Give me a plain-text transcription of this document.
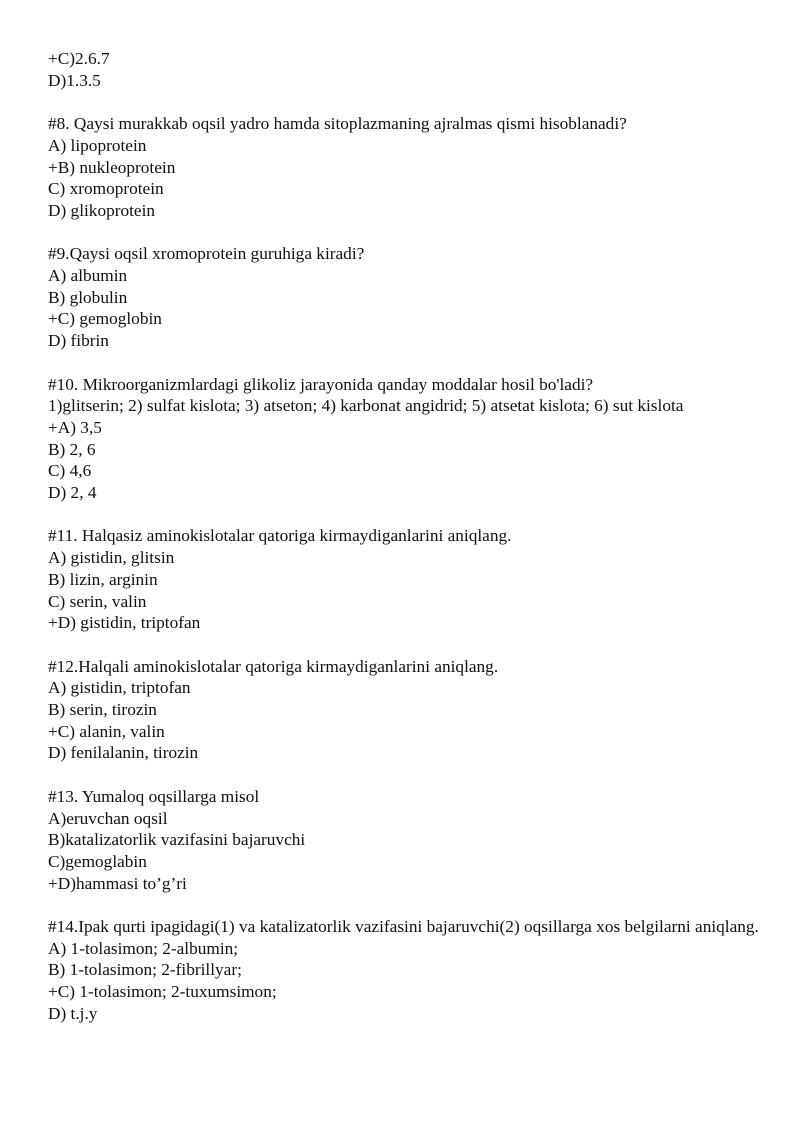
+C)2.6.7
D)1.3.5
#8. Qaysi murakkab oqsil yadro hamda sitoplazmaning ajralmas qismi hisoblanadi?
A) lipoprotein
+B) nukleoprotein
C) xromoprotein
D) glikoprotein
#9.Qaysi oqsil xromoprotein guruhiga kiradi?
A) albumin
B) globulin
+C) gemoglobin
D) fibrin
#10. Mikroorganizmlardagi glikoliz jarayonida qanday moddalar hosil bo'ladi?
1)glitserin; 2) sulfat kislota; 3) atseton; 4) karbonat angidrid; 5) atsetat kislota; 6) sut kislota
+A) 3,5
B) 2, 6
C) 4,6
D) 2, 4
#11. Halqasiz aminokislotalar qatoriga kirmaydiganlarini aniqlang.
A) gistidin, glitsin
B) lizin, arginin
C) serin, valin
+D) gistidin, triptofan
#12.Halqali aminokislotalar qatoriga kirmaydiganlarini aniqlang.
A) gistidin, triptofan
B) serin, tirozin
+C) alanin, valin
D) fenilalanin, tirozin
#13. Yumaloq oqsillarga misol
A)eruvchan oqsil
B)katalizatorlik vazifasini bajaruvchi
C)gemoglabin
+D)hammasi to’g’ri
#14.Ipak qurti ipagidagi(1) va katalizatorlik vazifasini bajaruvchi(2) oqsillarga xos belgilarni aniqlang.
A) 1-tolasimon; 2-albumin;
B) 1-tolasimon; 2-fibrillyar;
+C) 1-tolasimon; 2-tuxumsimon;
D) t.j.y
